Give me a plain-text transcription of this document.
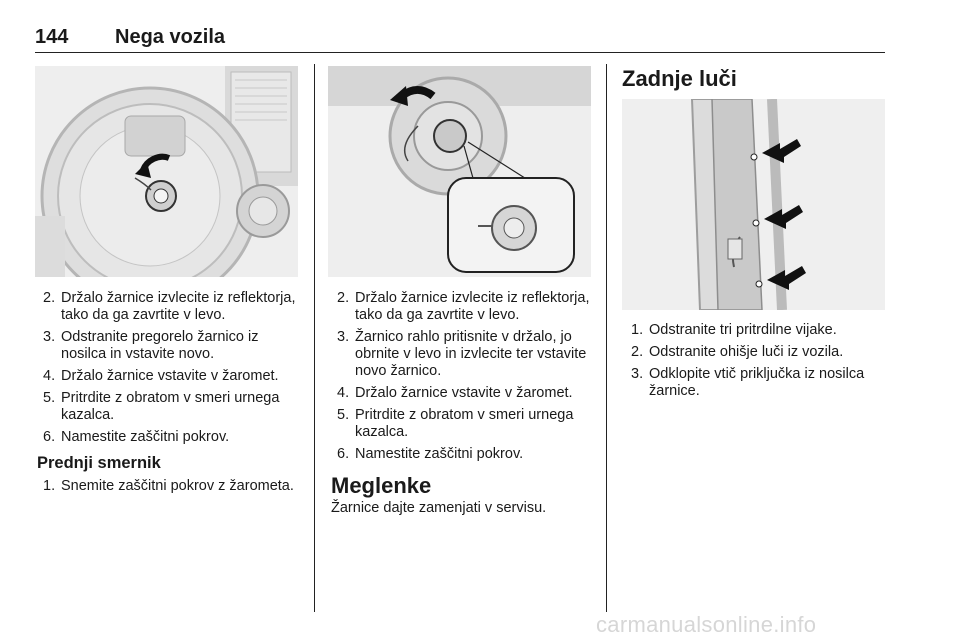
144 Nega vozila
2. Držalo žarnice izvlecite iz reflektorja, tako da ga zavrtite v levo.
3. Odstranite pregorelo žarnico iz nosilca in vstavite novo.
4. Držalo žarnice vstavite v žaromet.
5. Pritrdite z obratom v smeri urnega kazalca.
6. Namestite zaščitni pokrov.
Prednji smernik
1. Snemite zaščitni pokrov z žarometa.
2. Držalo žarnice izvlecite iz reflektorja, tako da ga zavrtite v levo.
3. Žarnico rahlo pritisnite v držalo, jo obrnite v levo in izvlecite ter vstavite novo žarnico.
4. Držalo žarnice vstavite v žaromet.
5. Pritrdite z obratom v smeri urnega kazalca.
6. Namestite zaščitni pokrov.
Meglenke

Žarnice dajte zamenjati v servisu.

Zadnje luči
1. Odstranite tri pritrdilne vijake.
2. Odstranite ohišje luči iz vozila.
3. Odklopite vtič priključka iz nosilca žarnice.
carmanualsonline.info
